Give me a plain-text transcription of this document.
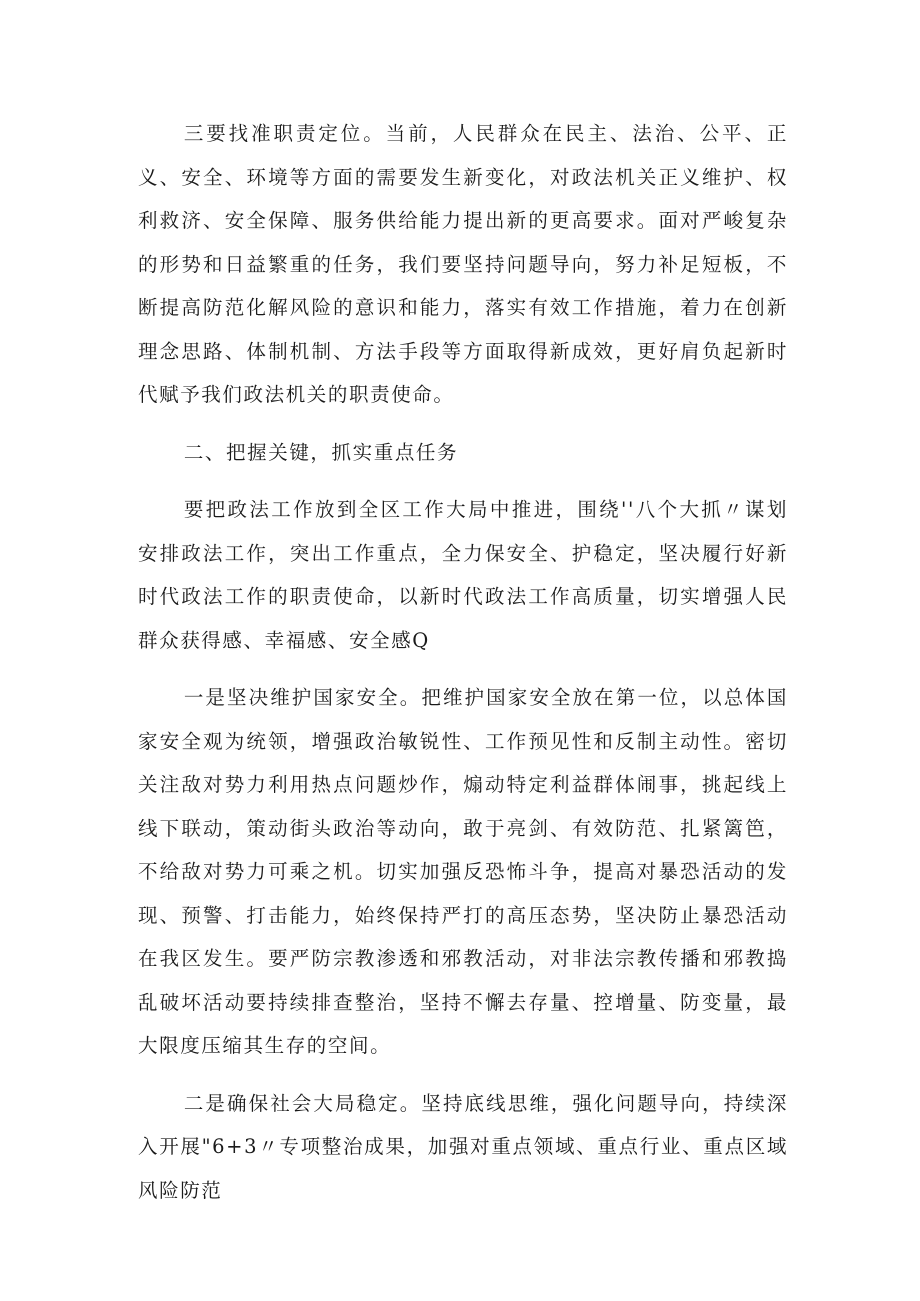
三要找准职责定位。当前，人民群众在民主、法治、公平、正义、安全、环境等方面的需要发生新变化，对政法机关正义维护、权利救济、安全保障、服务供给能力提出新的更高要求。面对严峻复杂的形势和日益繁重的任务，我们要坚持问题导向，努力补足短板，不断提高防范化解风险的意识和能力，落实有效工作措施，着力在创新理念思路、体制机制、方法手段等方面取得新成效，更好肩负起新时代赋予我们政法机关的职责使命。

二、把握关键，抓实重点任务

要把政法工作放到全区工作大局中推进，围绕''八个大抓〃谋划安排政法工作，突出工作重点，全力保安全、护稳定，坚决履行好新时代政法工作的职责使命，以新时代政法工作高质量，切实增强人民群众获得感、幸福感、安全感Q

一是坚决维护国家安全。把维护国家安全放在第一位，以总体国家安全观为统领，增强政治敏锐性、工作预见性和反制主动性。密切关注敌对势力利用热点问题炒作，煽动特定利益群体闹事，挑起线上线下联动，策动街头政治等动向，敢于亮剑、有效防范、扎紧篱笆，不给敌对势力可乘之机。切实加强反恐怖斗争，提高对暴恐活动的发现、预警、打击能力，始终保持严打的高压态势，坚决防止暴恐活动在我区发生。要严防宗教渗透和邪教活动，对非法宗教传播和邪教捣乱破坏活动要持续排查整治，坚持不懈去存量、控增量、防变量，最大限度压缩其生存的空间。

二是确保社会大局稳定。坚持底线思维，强化问题导向，持续深入开展"6+3〃专项整治成果，加强对重点领域、重点行业、重点区域风险防范
